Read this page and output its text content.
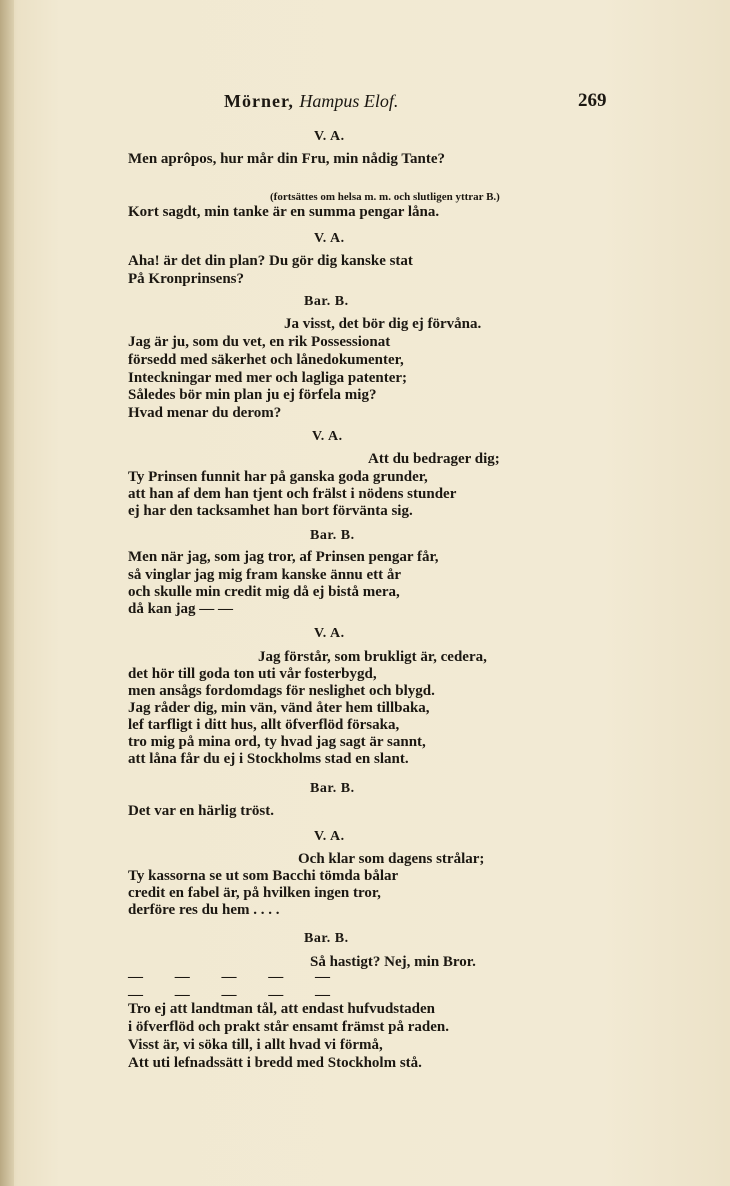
Mörner, Hampus Elof.	269
V. A.
Men aprôpos, hur mår din Fru, min nådig Tante?
(fortsättes om helsa m. m. och slutligen yttrar B.)
Kort sagdt, min tanke är en summa pengar låna.
V. A.
Aha! är det din plan? Du gör dig kanske stat
På Kronprinsens?
Bar. B.
Ja visst, det bör dig ej förvåna.
Jag är ju, som du vet, en rik Possessionat
försedd med säkerhet och lånedokumenter,
Inteckningar med mer och lagliga patenter;
Således bör min plan ju ej förfela mig?
Hvad menar du derom?
V. A.
Att du bedrager dig;
Ty Prinsen funnit har på ganska goda grunder,
att han af dem han tjent och frälst i nödens stunder
ej har den tacksamhet han bort förvänta sig.
Bar. B.
Men när jag, som jag tror, af Prinsen pengar får,
så vinglar jag mig fram kanske ännu ett år
och skulle min credit mig då ej bistå mera,
då kan jag — —
V. A.
Jag förstår, som brukligt är, cedera,
det hör till goda ton uti vår fosterbygd,
men ansågs fordomdags för neslighet och blygd.
Jag råder dig, min vän, vänd åter hem tillbaka,
lef tarfligt i ditt hus, allt öfverflöd försaka,
tro mig på mina ord, ty hvad jag sagt är sannt,
att låna får du ej i Stockholms stad en slant.
Bar. B.
Det var en härlig tröst.
V. A.
Och klar som dagens strålar;
Ty kassorna se ut som Bacchi tömda bålar
credit en fabel är, på hvilken ingen tror,
derföre res du hem . . . .
Bar. B.
Så hastigt? Nej, min Bror.
— — — — —
— — — — —
Tro ej att landtman tål, att endast hufvudstaden
i öfverflöd och prakt står ensamt främst på raden.
Visst är, vi söka till, i allt hvad vi förmå,
Att uti lefnadssätt i bredd med Stockholm stå.
